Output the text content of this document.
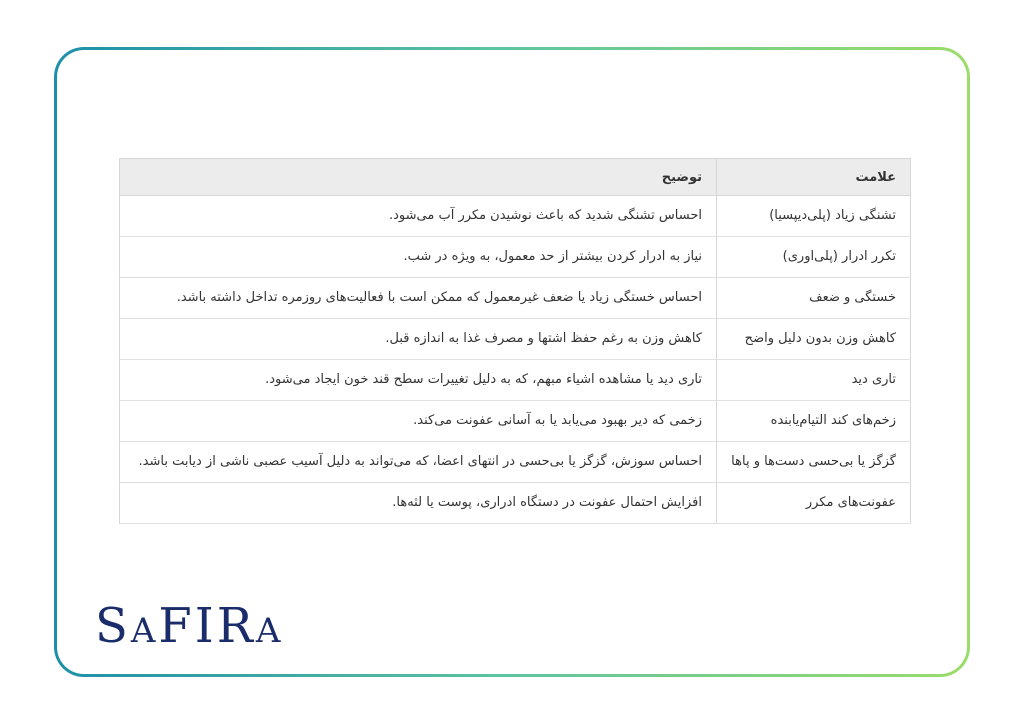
علامت	توضیح
تشنگی زیاد (پلی‌دیپسیا)	احساس تشنگی شدید که باعث نوشیدن مکرر آب می‌شود.
تکرر ادرار (پلی‌اوری)	نیاز به ادرار کردن بیشتر از حد معمول، به ویژه در شب.
خستگی و ضعف	احساس خستگی زیاد یا ضعف غیرمعمول که ممکن است با فعالیت‌های روزمره تداخل داشته باشد.
کاهش وزن بدون دلیل واضح	کاهش وزن به رغم حفظ اشتها و مصرف غذا به اندازه قبل.
تاری دید	تاری دید یا مشاهده اشیاء مبهم، که به دلیل تغییرات سطح قند خون ایجاد می‌شود.
زخم‌های کند التیام‌یابنده	زخمی که دیر بهبود می‌یابد یا به آسانی عفونت می‌کند.
گزگز یا بی‌حسی دست‌ها و پاها	احساس سوزش، گزگز یا بی‌حسی در انتهای اعضا، که می‌تواند به دلیل آسیب عصبی ناشی از دیابت باشد.
عفونت‌های مکرر	افزایش احتمال عفونت در دستگاه ادراری، پوست یا لثه‌ها.
SaFIRa
